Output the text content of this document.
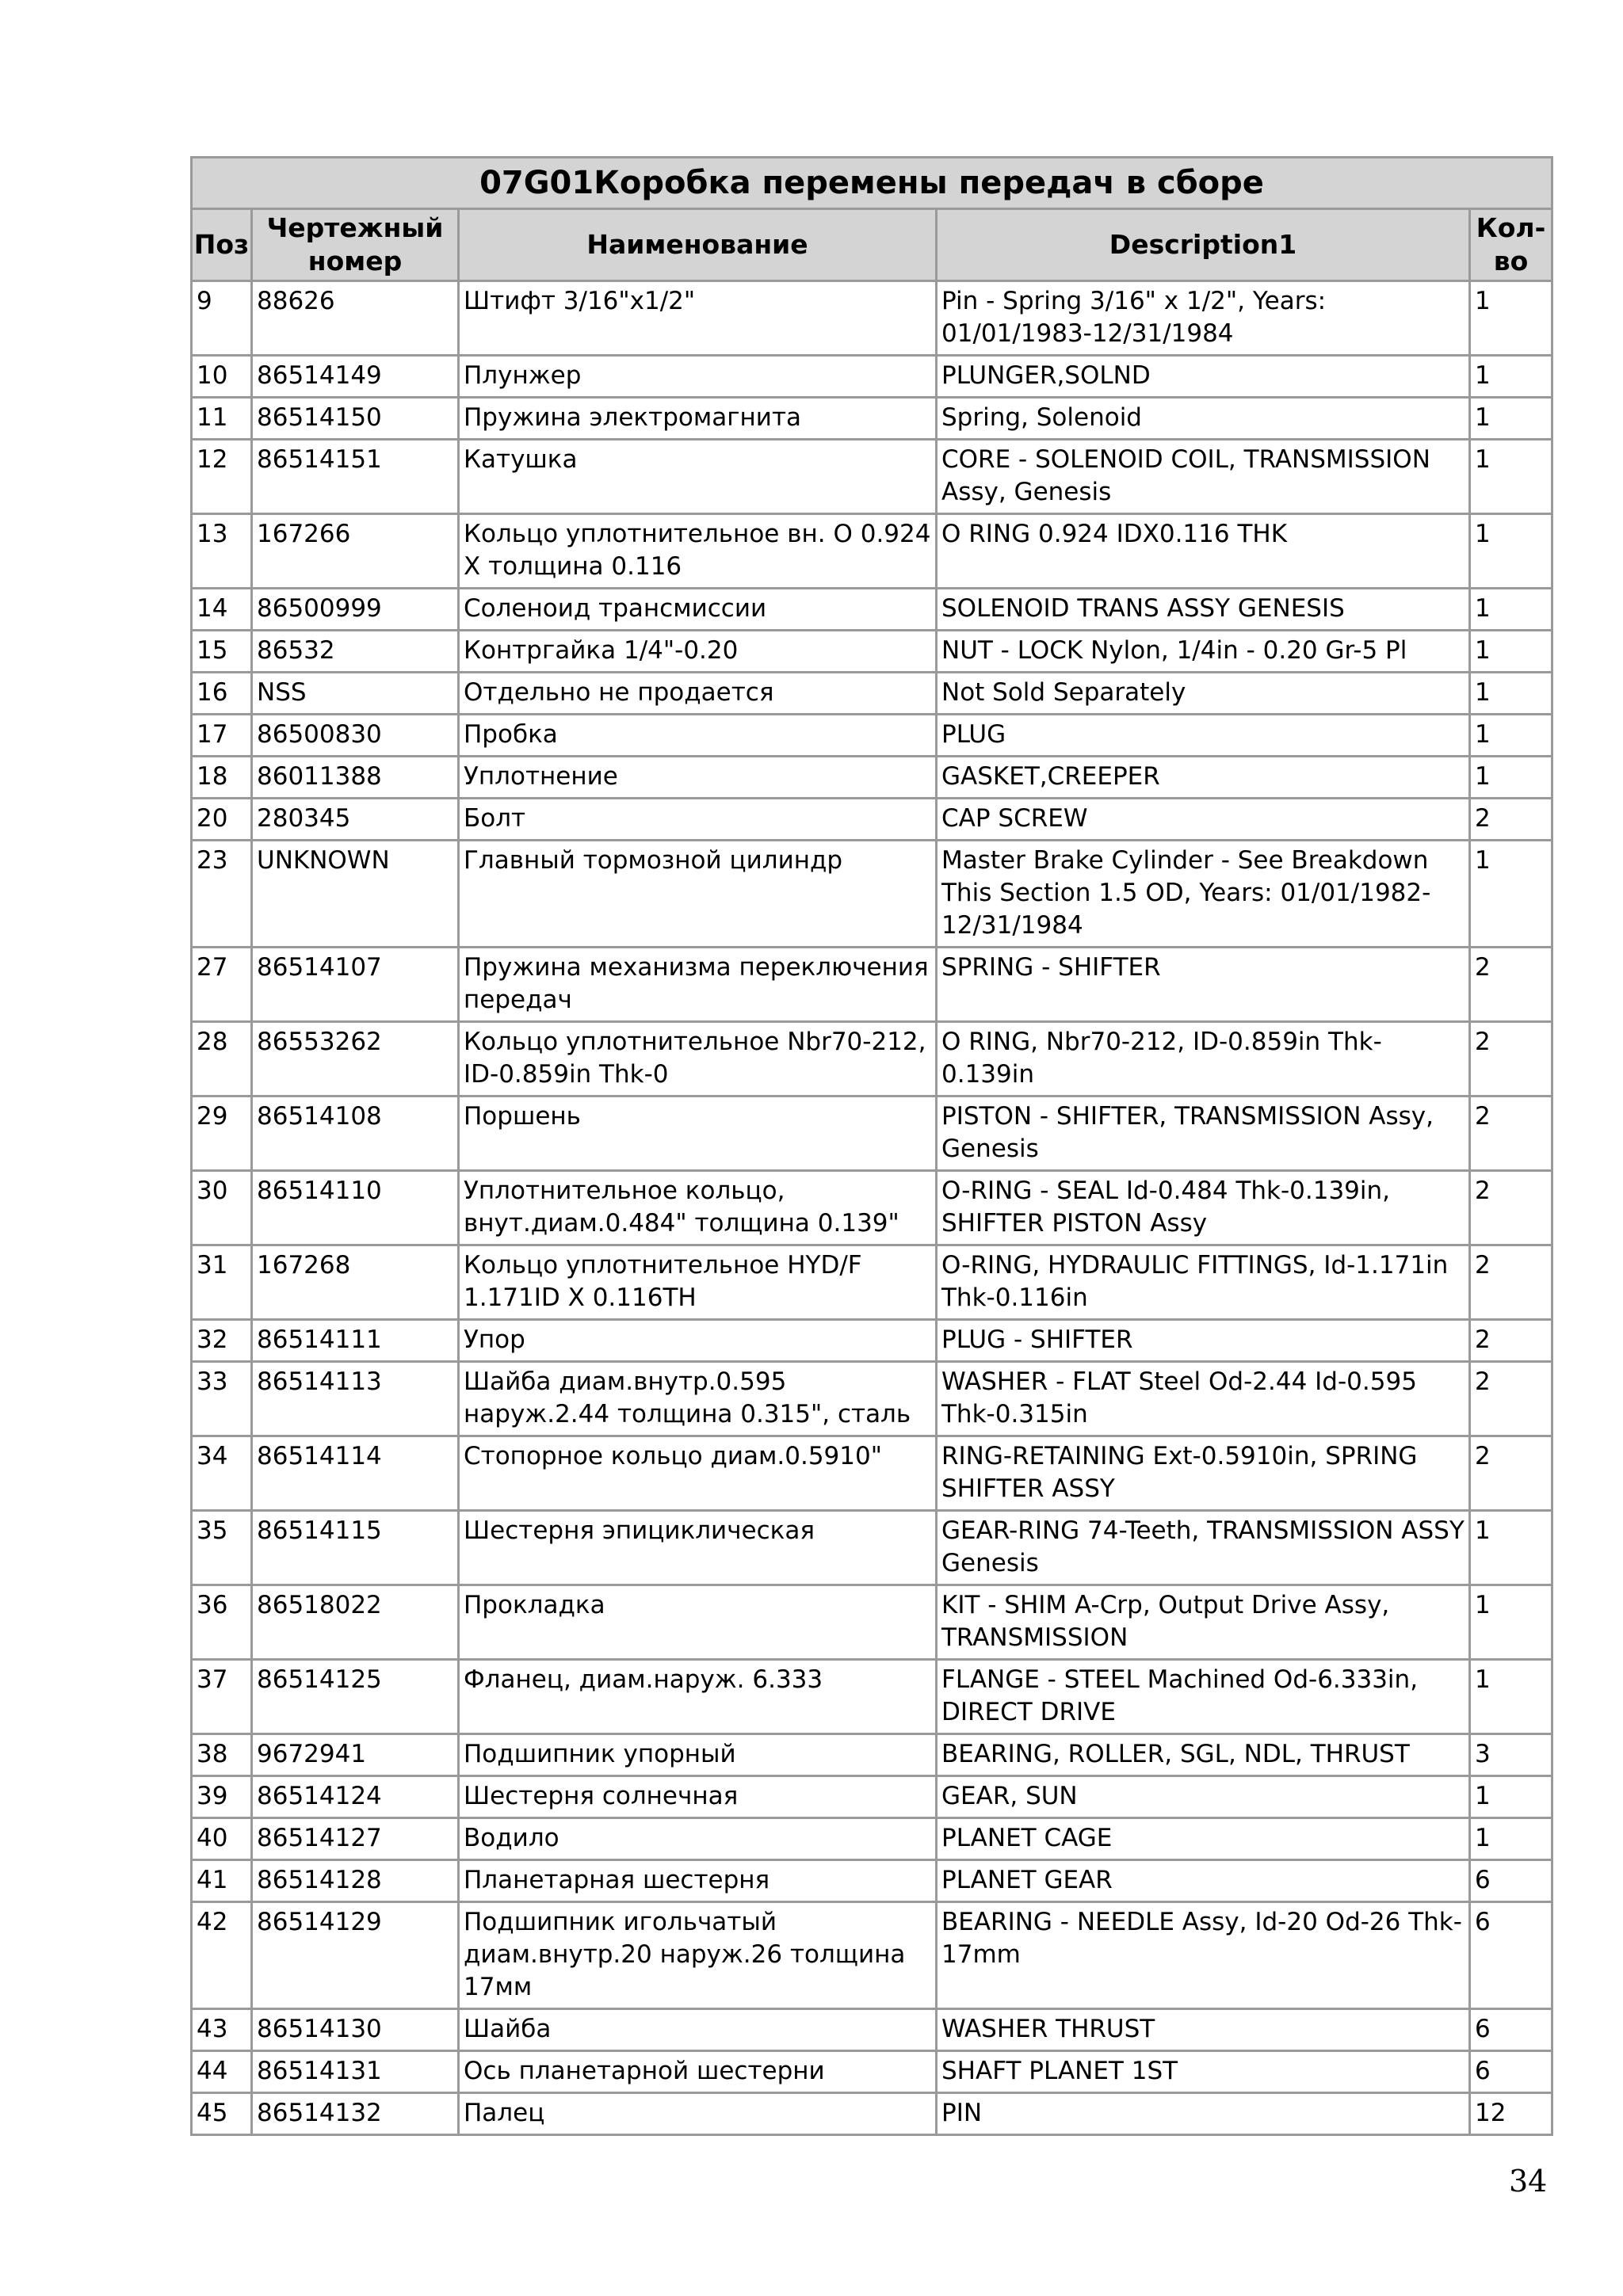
07G01Коробка перемены передач в сборе				
Поз	Чертежный номер	Наименование	Description1	Кол-во
9	88626	Штифт 3/16"x1/2"	Pin - Spring 3/16" x 1/2", Years: 01/01/1983-12/31/1984	1
10	86514149	Плунжер	PLUNGER,SOLND	1
11	86514150	Пружина электромагнита	Spring, Solenoid	1
12	86514151	Катушка	CORE - SOLENOID COIL, TRANSMISSION Assy, Genesis	1
13	167266	Кольцо уплотнительное вн. О 0.924 X толщина 0.116	O RING 0.924 IDX0.116 THK	1
14	86500999	Соленоид трансмиссии	SOLENOID TRANS ASSY GENESIS	1
15	86532	Контргайка 1/4"-0.20	NUT - LOCK Nylon, 1/4in - 0.20 Gr-5 Pl	1
16	NSS	Отдельно не продается	Not Sold Separately	1
17	86500830	Пробка	PLUG	1
18	86011388	Уплотнение	GASKET,CREEPER	1
20	280345	Болт	CAP SCREW	2
23	UNKNOWN	Главный тормозной цилиндр	Master Brake Cylinder - See Breakdown This Section 1.5 OD, Years: 01/01/1982-12/31/1984	1
27	86514107	Пружина механизма переключения передач	SPRING - SHIFTER	2
28	86553262	Кольцо уплотнительное Nbr70-212, ID-0.859in Thk-0	O RING, Nbr70-212, ID-0.859in Thk-0.139in	2
29	86514108	Поршень	PISTON - SHIFTER, TRANSMISSION Assy, Genesis	2
30	86514110	Уплотнительное кольцо, внут.диам.0.484" толщина 0.139"	O-RING - SEAL Id-0.484 Thk-0.139in, SHIFTER PISTON Assy	2
31	167268	Кольцо уплотнительное HYD/F 1.171ID X 0.116TH	O-RING, HYDRAULIC FITTINGS, Id-1.171in Thk-0.116in	2
32	86514111	Упор	PLUG - SHIFTER	2
33	86514113	Шайба диам.внутр.0.595 наруж.2.44 толщина 0.315", сталь	WASHER - FLAT Steel Od-2.44 Id-0.595 Thk-0.315in	2
34	86514114	Стопорное кольцо диам.0.5910"	RING-RETAINING Ext-0.5910in, SPRING SHIFTER ASSY	2
35	86514115	Шестерня эпициклическая	GEAR-RING 74-Teeth, TRANSMISSION ASSY Genesis	1
36	86518022	Прокладка	KIT - SHIM A-Crp, Output Drive Assy, TRANSMISSION	1
37	86514125	Фланец, диам.наруж. 6.333	FLANGE - STEEL Machined Od-6.333in, DIRECT DRIVE	1
38	9672941	Подшипник упорный	BEARING, ROLLER, SGL, NDL, THRUST	3
39	86514124	Шестерня солнечная	GEAR, SUN	1
40	86514127	Водило	PLANET CAGE	1
41	86514128	Планетарная шестерня	PLANET GEAR	6
42	86514129	Подшипник игольчатый диам.внутр.20 наруж.26 толщина 17мм	BEARING - NEEDLE Assy, Id-20 Od-26 Thk-17mm	6
43	86514130	Шайба	WASHER THRUST	6
44	86514131	Ось планетарной шестерни	SHAFT PLANET 1ST	6
45	86514132	Палец	PIN	12
34
